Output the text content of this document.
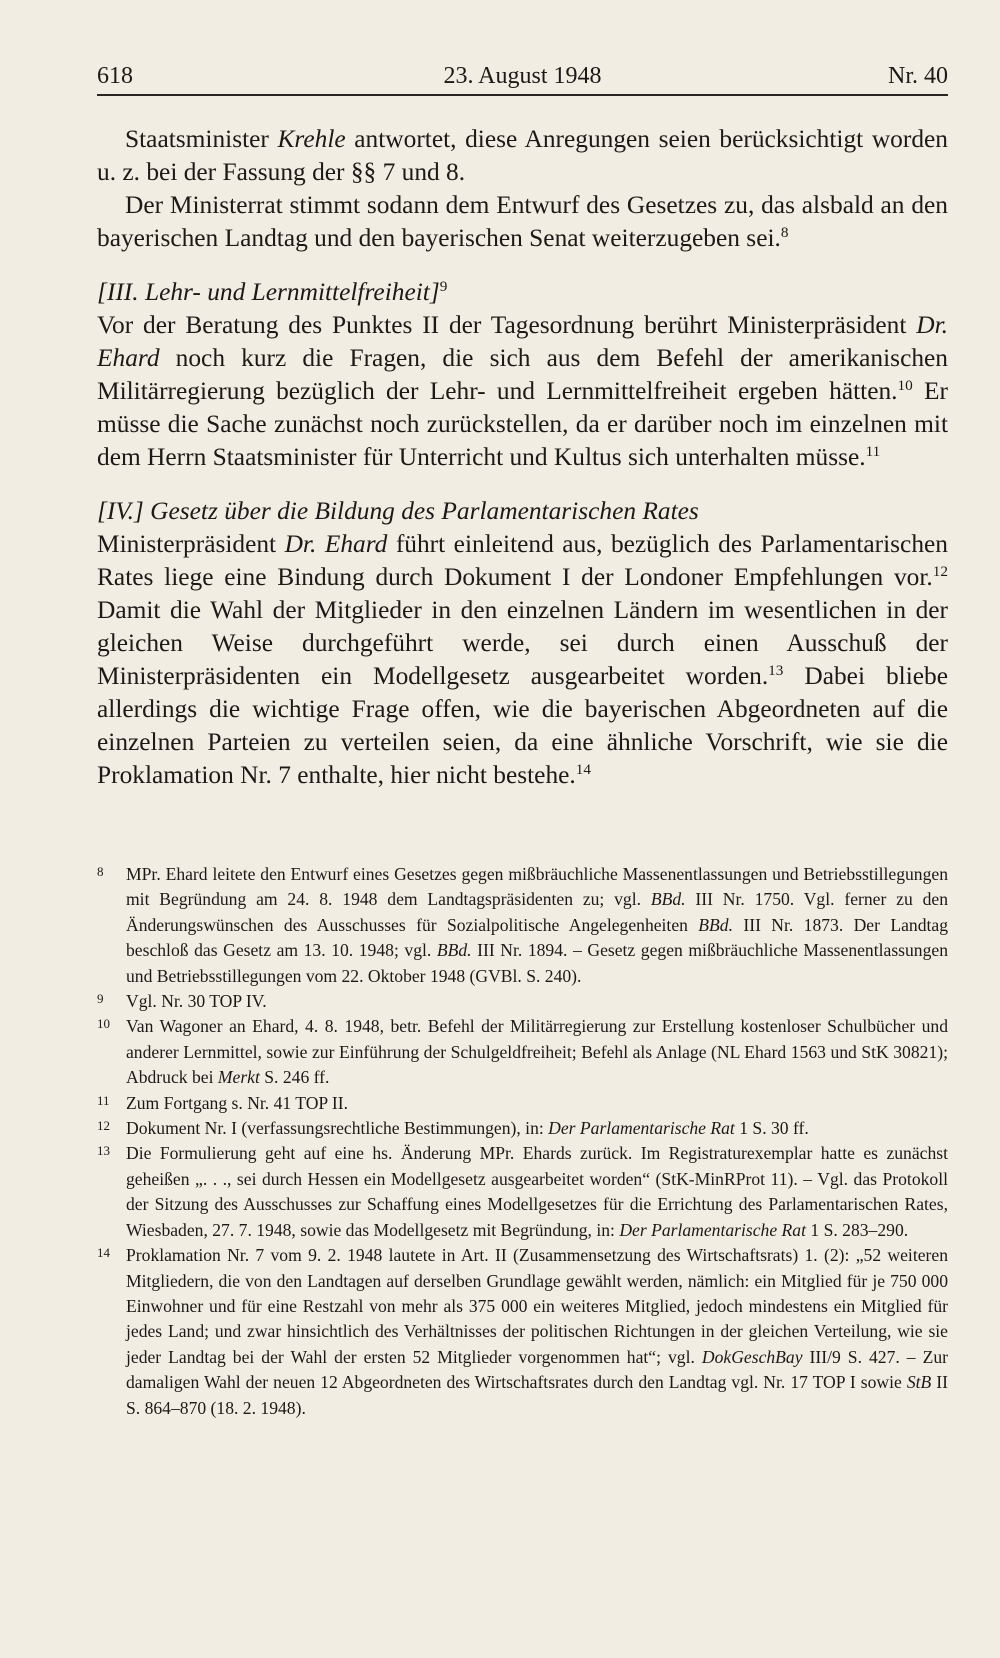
618	23. August 1948	Nr. 40

Staatsminister Krehle antwortet, diese Anregungen seien berücksichtigt worden u. z. bei der Fassung der §§ 7 und 8.

Der Ministerrat stimmt sodann dem Entwurf des Gesetzes zu, das alsbald an den bayerischen Landtag und den bayerischen Senat weiterzugeben sei.$^8$

[III. Lehr- und Lernmittelfreiheit]$^9$

Vor der Beratung des Punktes II der Tagesordnung berührt Ministerpräsident Dr. Ehard noch kurz die Fragen, die sich aus dem Befehl der amerikanischen Militärregierung bezüglich der Lehr- und Lernmittelfreiheit ergeben hätten.$^{10}$ Er müsse die Sache zunächst noch zurückstellen, da er darüber noch im einzelnen mit dem Herrn Staatsminister für Unterricht und Kultus sich unterhalten müsse.$^{11}$

[IV.] Gesetz über die Bildung des Parlamentarischen Rates

Ministerpräsident Dr. Ehard führt einleitend aus, bezüglich des Parlamentarischen Rates liege eine Bindung durch Dokument I der Londoner Empfehlungen vor.$^{12}$ Damit die Wahl der Mitglieder in den einzelnen Ländern im wesentlichen in der gleichen Weise durchgeführt werde, sei durch einen Ausschuß der Ministerpräsidenten ein Modellgesetz ausgearbeitet worden.$^{13}$ Dabei bliebe allerdings die wichtige Frage offen, wie die bayerischen Abgeordneten auf die einzelnen Parteien zu verteilen seien, da eine ähnliche Vorschrift, wie sie die Proklamation Nr. 7 enthalte, hier nicht bestehe.$^{14}$

8 MPr. Ehard leitete den Entwurf eines Gesetzes gegen mißbräuchliche Massenentlassungen und Betriebsstillegungen mit Begründung am 24. 8. 1948 dem Landtagspräsidenten zu; vgl. BBd. III Nr. 1750. Vgl. ferner zu den Änderungswünschen des Ausschusses für Sozialpolitische Angelegenheiten BBd. III Nr. 1873. Der Landtag beschloß das Gesetz am 13. 10. 1948; vgl. BBd. III Nr. 1894. – Gesetz gegen mißbräuchliche Massenentlassungen und Betriebsstillegungen vom 22. Oktober 1948 (GVBl. S. 240).
9 Vgl. Nr. 30 TOP IV.
10 Van Wagoner an Ehard, 4. 8. 1948, betr. Befehl der Militärregierung zur Erstellung kostenloser Schulbücher und anderer Lernmittel, sowie zur Einführung der Schulgeldfreiheit; Befehl als Anlage (NL Ehard 1563 und StK 30821); Abdruck bei Merkt S. 246 ff.
11 Zum Fortgang s. Nr. 41 TOP II.
12 Dokument Nr. I (verfassungsrechtliche Bestimmungen), in: Der Parlamentarische Rat 1 S. 30 ff.
13 Die Formulierung geht auf eine hs. Änderung MPr. Ehards zurück. Im Registraturexemplar hatte es zunächst geheißen „. . ., sei durch Hessen ein Modellgesetz ausgearbeitet worden“ (StK-MinRProt 11). – Vgl. das Protokoll der Sitzung des Ausschusses zur Schaffung eines Modellgesetzes für die Errichtung des Parlamentarischen Rates, Wiesbaden, 27. 7. 1948, sowie das Modellgesetz mit Begründung, in: Der Parlamentarische Rat 1 S. 283–290.
14 Proklamation Nr. 7 vom 9. 2. 1948 lautete in Art. II (Zusammensetzung des Wirtschaftsrats) 1. (2): „52 weiteren Mitgliedern, die von den Landtagen auf derselben Grundlage gewählt werden, nämlich: ein Mitglied für je 750 000 Einwohner und für eine Restzahl von mehr als 375 000 ein weiteres Mitglied, jedoch mindestens ein Mitglied für jedes Land; und zwar hinsichtlich des Verhältnisses der politischen Richtungen in der gleichen Verteilung, wie sie jeder Landtag bei der Wahl der ersten 52 Mitglieder vorgenommen hat“; vgl. DokGeschBay III/9 S. 427. – Zur damaligen Wahl der neuen 12 Abgeordneten des Wirtschaftsrates durch den Landtag vgl. Nr. 17 TOP I sowie StB II S. 864–870 (18. 2. 1948).
